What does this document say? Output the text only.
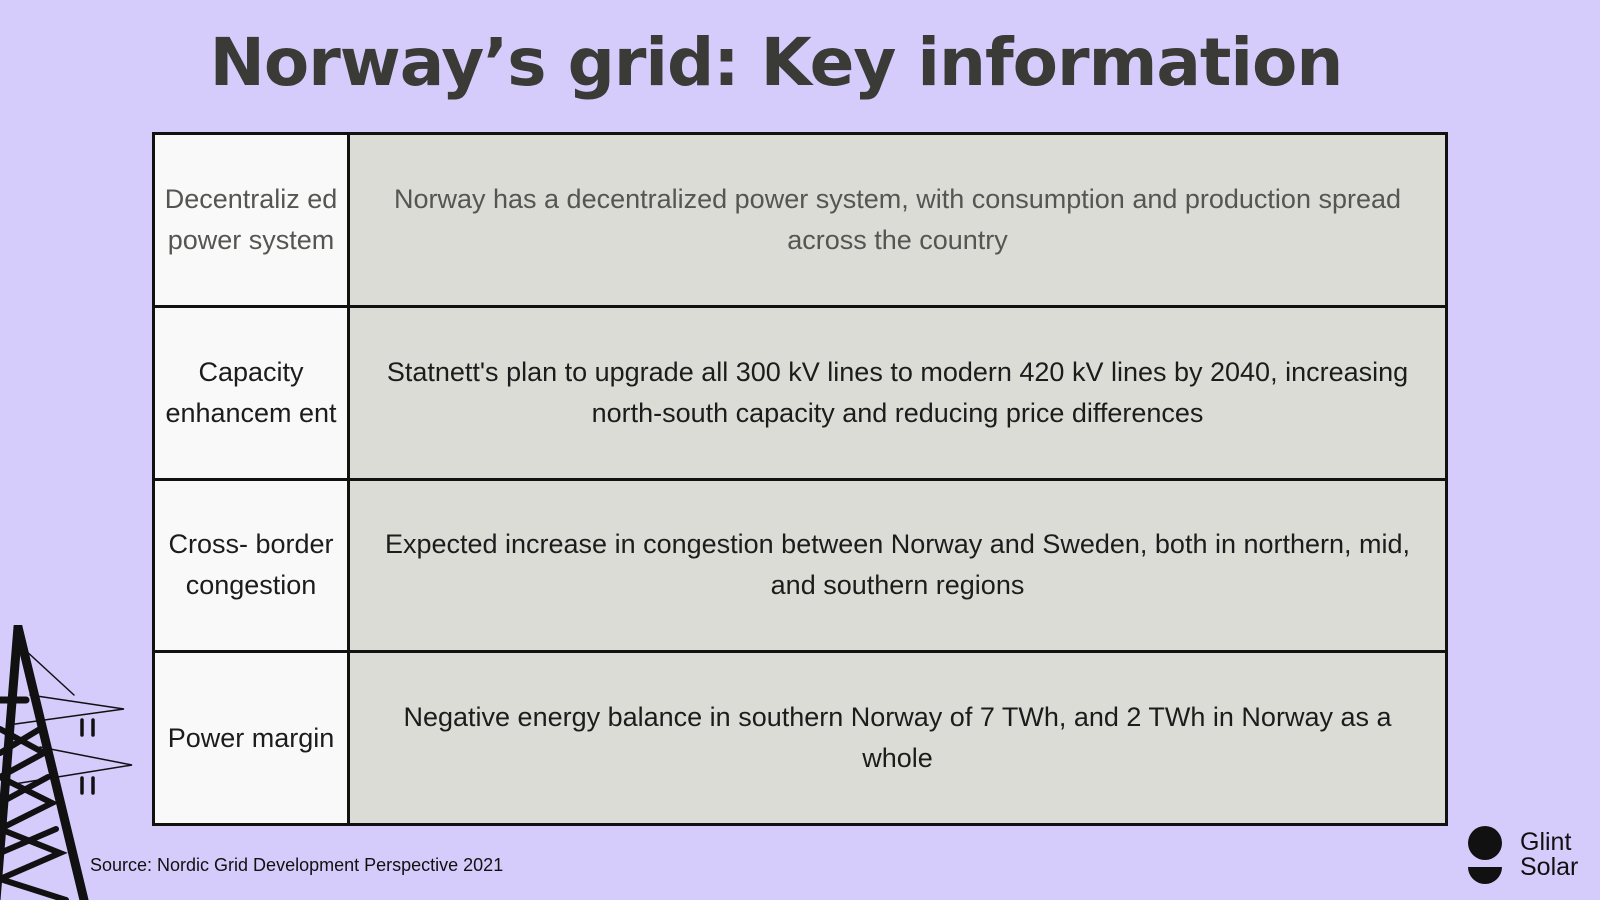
Norway’s grid: Key information
Decentraliz ed power system	Norway has a decentralized power system, with consumption and production spread across the country
Capacity enhancem ent	Statnett's plan to upgrade all 300 kV lines to modern 420 kV lines by 2040, increasing north-south capacity and reducing price differences
Cross- border congestion	Expected increase in congestion between Norway and Sweden, both in northern, mid, and southern regions
Power margin	Negative energy balance in southern Norway of 7 TWh, and 2 TWh in Norway as a whole
Source: Nordic Grid Development Perspective 2021
Glint
Solar
